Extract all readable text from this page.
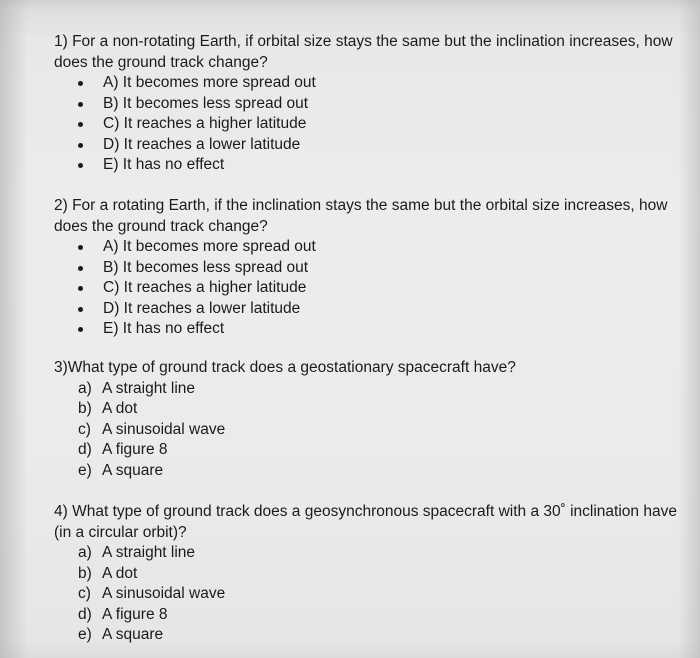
1) For a non-rotating Earth, if orbital size stays the same but the inclination increases, how does the ground track change?

A) It becomes more spread out
B) It becomes less spread out
C) It reaches a higher latitude
D) It reaches a lower latitude
E) It has no effect

2) For a rotating Earth, if the inclination stays the same but the orbital size increases, how does the ground track change?

A) It becomes more spread out
B) It becomes less spread out
C) It reaches a higher latitude
D) It reaches a lower latitude
E) It has no effect

3)What type of ground track does a geostationary spacecraft have?

a) A straight line
b) A dot
c) A sinusoidal wave
d) A figure 8
e) A square

4) What type of ground track does a geosynchronous spacecraft with a 30˚ inclination have (in a circular orbit)?

a) A straight line
b) A dot
c) A sinusoidal wave
d) A figure 8
e) A square
